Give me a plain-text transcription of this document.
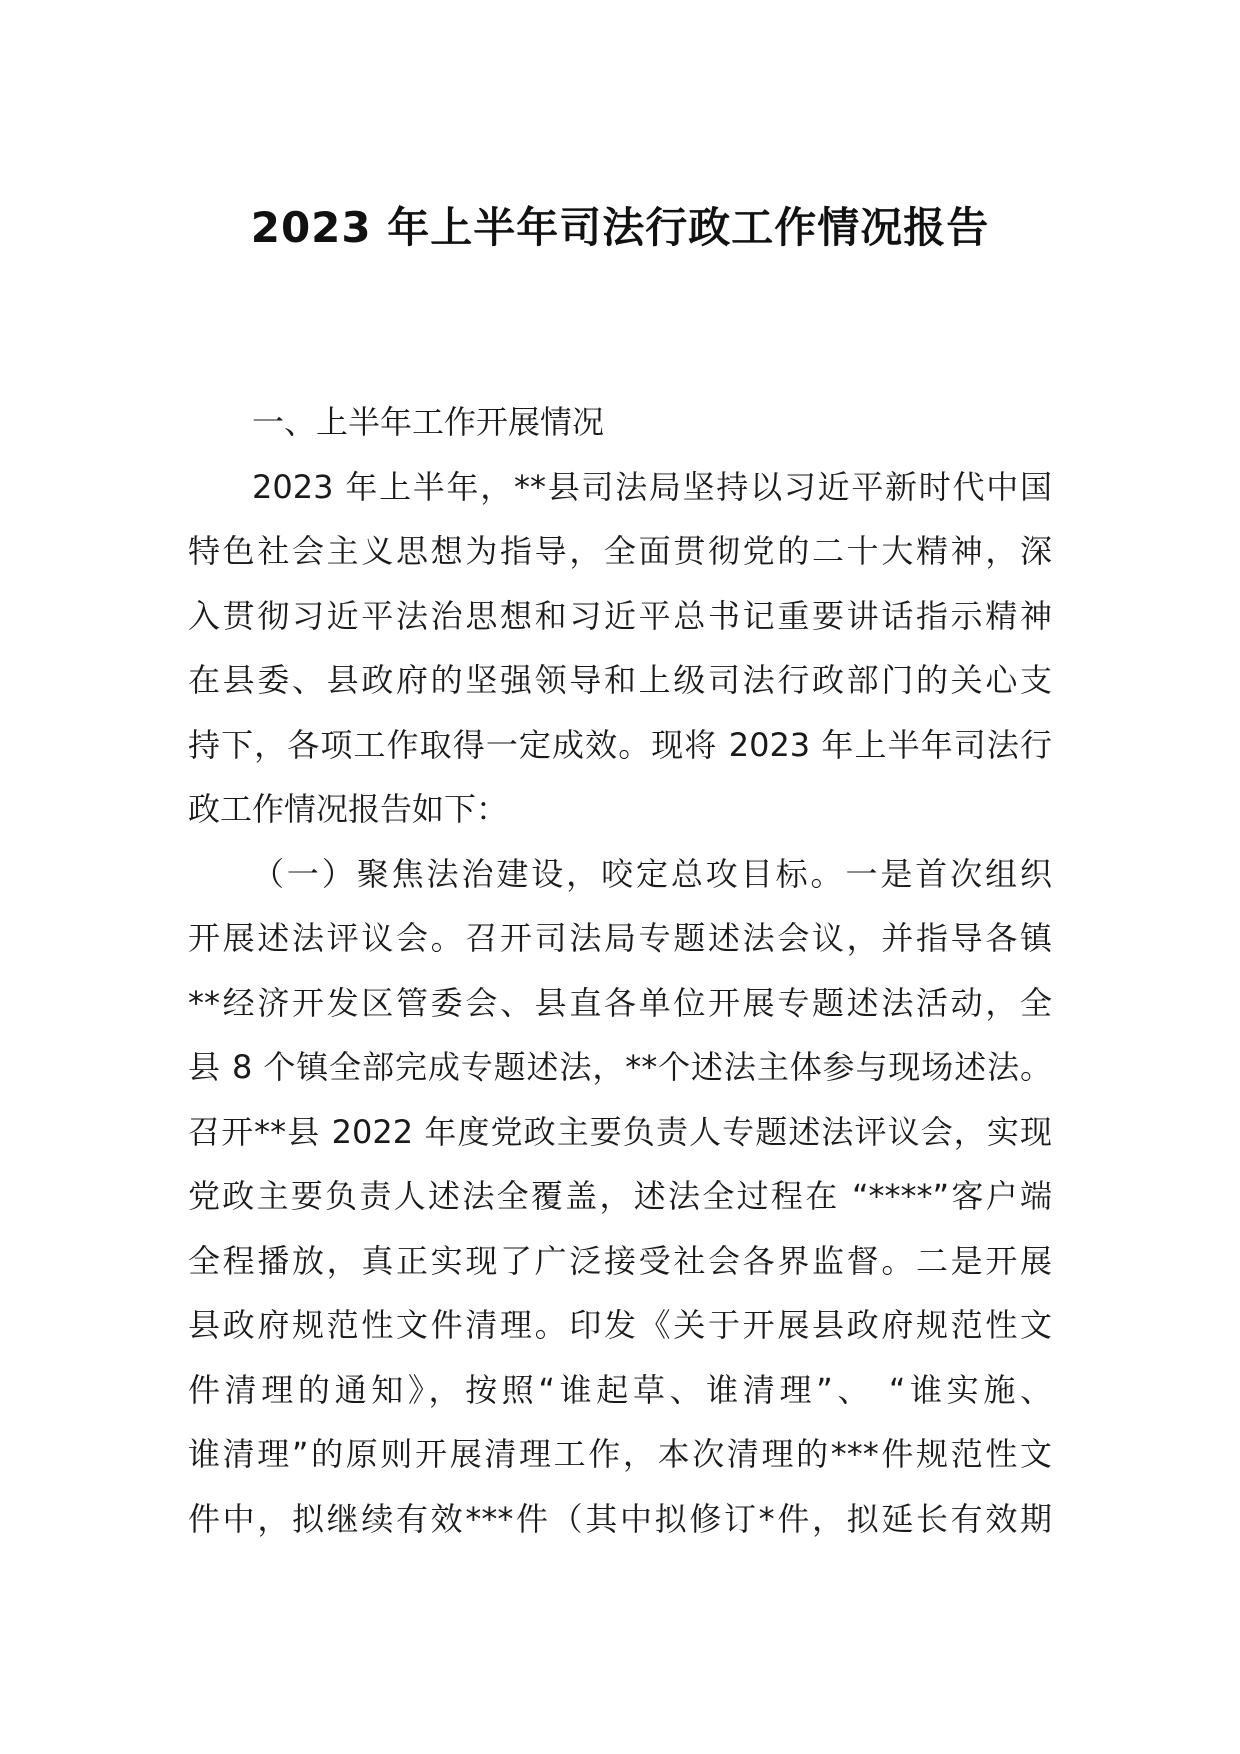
2023 年上半年司法行政工作情况报告
一、上半年工作开展情况
2023 年上半年，**县司法局坚持以习近平新时代中国
特色社会主义思想为指导，全面贯彻党的二十大精神，深
入贯彻习近平法治思想和习近平总书记重要讲话指示精神
在县委、县政府的坚强领导和上级司法行政部门的关心支
持下，各项工作取得一定成效。现将 2023 年上半年司法行
政工作情况报告如下：
（一）聚焦法治建设，咬定总攻目标。一是首次组织
开展述法评议会。召开司法局专题述法会议，并指导各镇
**经济开发区管委会、县直各单位开展专题述法活动，全
县 8 个镇全部完成专题述法，**个述法主体参与现场述法。
召开**县 2022 年度党政主要负责人专题述法评议会，实现
党政主要负责人述法全覆盖，述法全过程在 “****”客户端
全程播放，真正实现了广泛接受社会各界监督。二是开展
县政府规范性文件清理。印发《关于开展县政府规范性文
件清理的通知》，按照“谁起草、谁清理”、 “谁实施、
谁清理”的原则开展清理工作，本次清理的***件规范性文
件中，拟继续有效***件（其中拟修订*件，拟延长有效期
